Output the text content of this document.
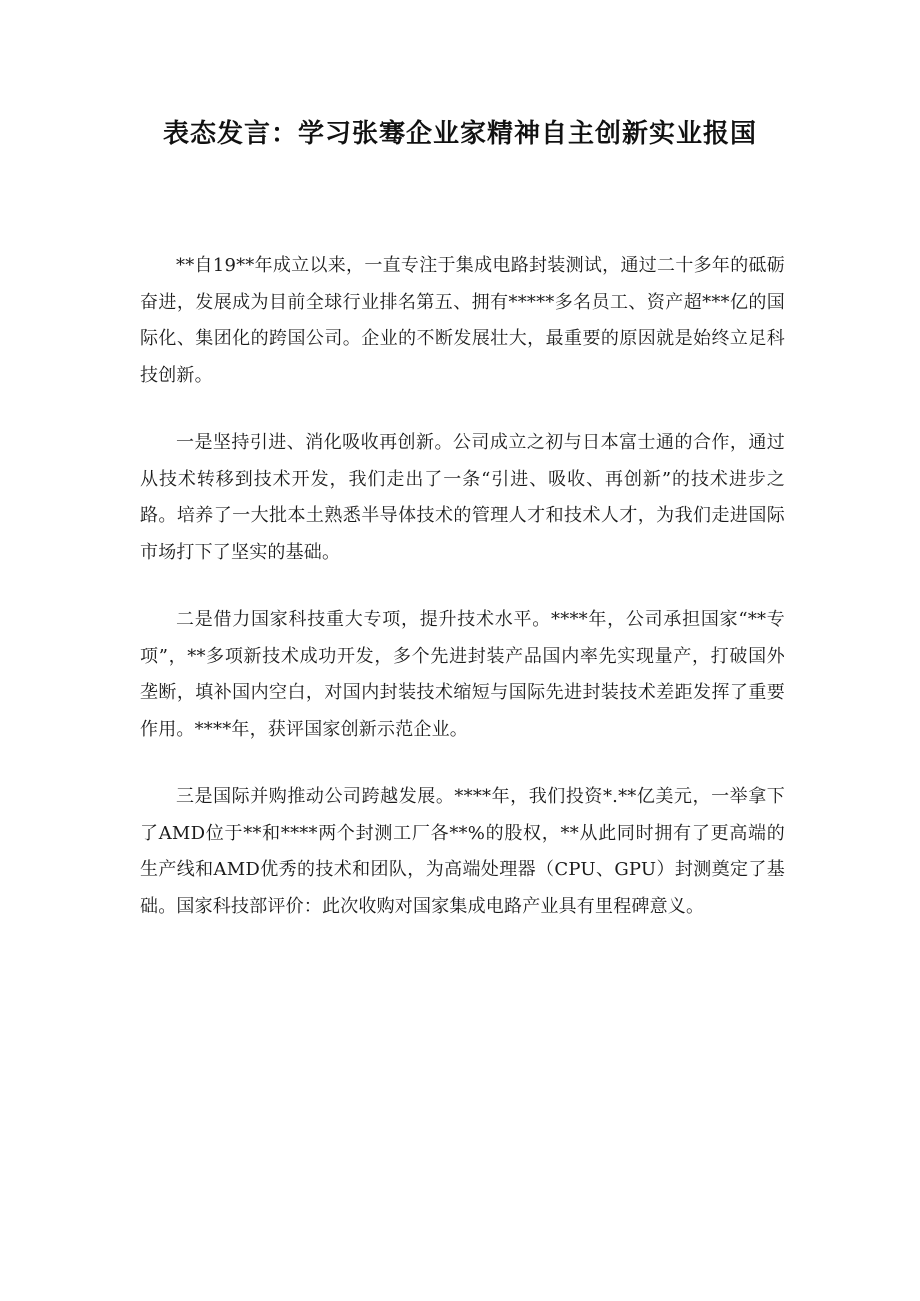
表态发言：学习张骞企业家精神自主创新实业报国

**自19**年成立以来，一直专注于集成电路封装测试，通过二十多年的砥砺奋进，发展成为目前全球行业排名第五、拥有*****多名员工、资产超***亿的国际化、集团化的跨国公司。企业的不断发展壮大，最重要的原因就是始终立足科技创新。

一是坚持引进、消化吸收再创新。公司成立之初与日本富士通的合作，通过从技术转移到技术开发，我们走出了一条“引进、吸收、再创新”的技术进步之路。培养了一大批本土熟悉半导体技术的管理人才和技术人才，为我们走进国际市场打下了坚实的基础。

二是借力国家科技重大专项，提升技术水平。****年，公司承担国家“**专项”，**多项新技术成功开发，多个先进封装产品国内率先实现量产，打破国外垄断，填补国内空白，对国内封装技术缩短与国际先进封装技术差距发挥了重要作用。****年，获评国家创新示范企业。

三是国际并购推动公司跨越发展。****年，我们投资*.**亿美元，一举拿下了AMD位于**和****两个封测工厂各**%的股权，**从此同时拥有了更高端的生产线和AMD优秀的技术和团队，为高端处理器（CPU、GPU）封测奠定了基础。国家科技部评价：此次收购对国家集成电路产业具有里程碑意义。
